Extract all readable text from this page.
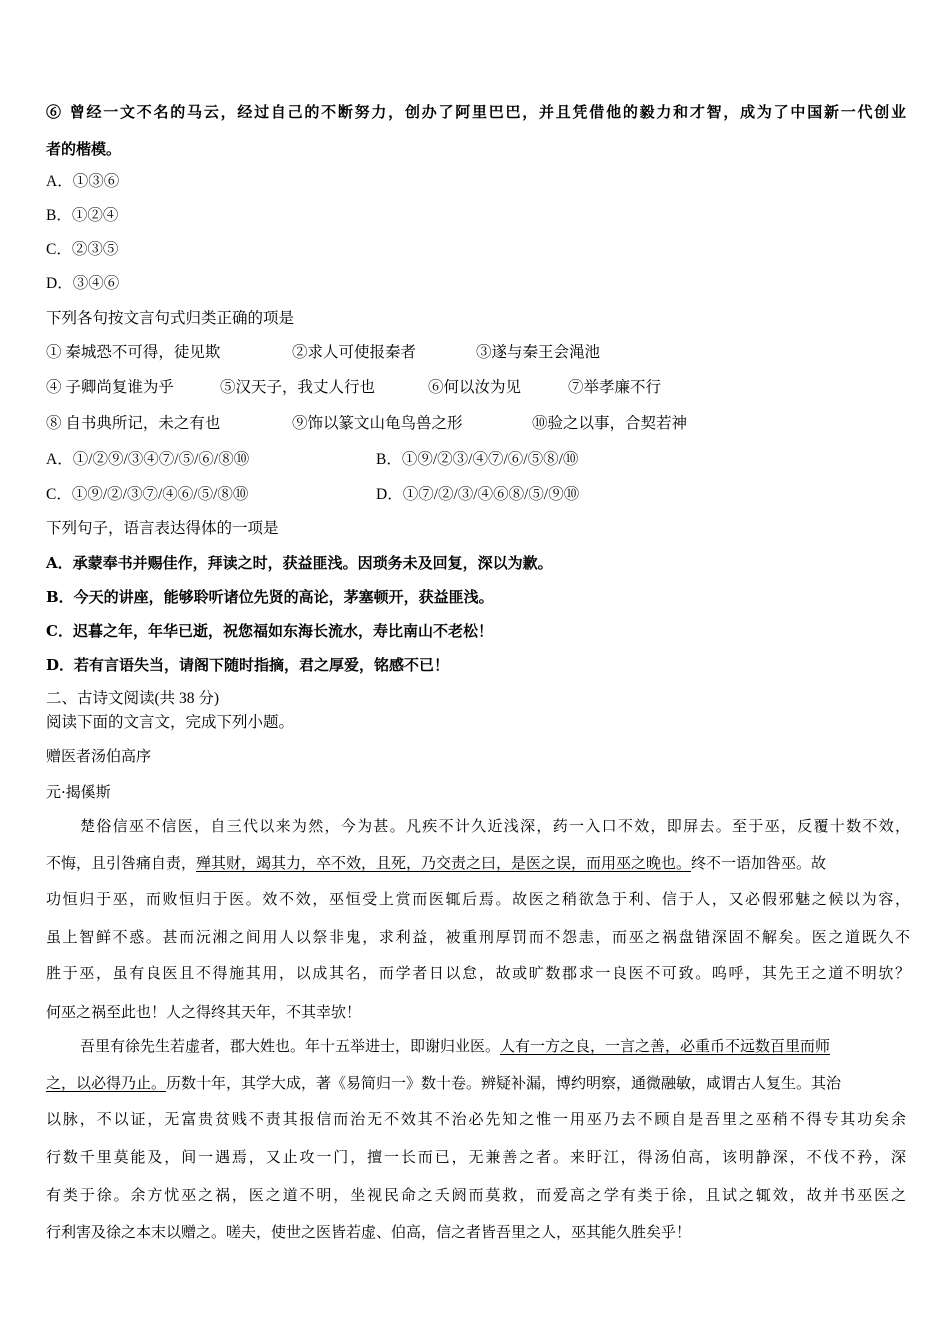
⑥ 曾经一文不名的马云，经过自己的不断努力，创办了阿里巴巴，并且凭借他的毅力和才智，成为了中国新一代创业
者的楷模。
A．①③⑥
B．①②④
C．②③⑤
D．③④⑥
下列各句按文言句式归类正确的项是
① 秦城恐不可得，徒见欺	②求人可使报秦者	③遂与秦王会渑池
④ 子卿尚复谁为乎	⑤汉天子，我丈人行也	⑥何以汝为见	⑦举孝廉不行
⑧ 自书典所记，未之有也	⑨饰以篆文山龟鸟兽之形	⑩验之以事，合契若神
A．①/②⑨/③④⑦/⑤/⑥/⑧⑩	B．①⑨/②③/④⑦/⑥/⑤⑧/⑩
C．①⑨/②/③⑦/④⑥/⑤/⑧⑩	D．①⑦/②/③/④⑥⑧/⑤/⑨⑩
下列句子，语言表达得体的一项是
A．承蒙奉书并赐佳作，拜读之时，获益匪浅。因琐务未及回复，深以为歉。
B．今天的讲座，能够聆听诸位先贤的高论，茅塞顿开，获益匪浅。
C．迟暮之年，年华已逝，祝您福如东海长流水，寿比南山不老松！
D．若有言语失当，请阁下随时指摘，君之厚爱，铭感不已！
二、古诗文阅读(共 38 分)
阅读下面的文言文，完成下列小题。
赠医者汤伯高序
元·揭傒斯
楚俗信巫不信医，自三代以来为然，今为甚。凡疾不计久近浅深，药一入口不效，即屏去。至于巫，反覆十数不效，
不悔，且引咎痛自责，殚其财，竭其力，卒不效，且死，乃交责之曰，是医之误，而用巫之晚也。终不一语加咎巫。故
功恒归于巫，而败恒归于医。效不效，巫恒受上赏而医辄后焉。故医之稍欲急于利、信于人，又必假邪魅之候以为容，
虽上智鲜不惑。甚而沅湘之间用人以祭非鬼，求利益，被重刑厚罚而不怨恚，而巫之祸盘错深固不解矣。医之道既久不
胜于巫，虽有良医且不得施其用，以成其名，而学者日以怠，故或旷数郡求一良医不可致。呜呼，其先王之道不明欤？
何巫之祸至此也！人之得终其天年，不其幸欤！
吾里有徐先生若虚者，郡大姓也。年十五举进士，即谢归业医。人有一方之良，一言之善，必重币不远数百里而师
之，以必得乃止。历数十年，其学大成，著《易简归一》数十卷。辨疑补漏，博约明察，通微融敏，咸谓古人复生。其治
以脉，不以证，无富贵贫贱不责其报信而治无不效其不治必先知之惟一用巫乃去不顾自是吾里之巫稍不得专其功矣余
行数千里莫能及，间一遇焉，又止攻一门，擅一长而已，无兼善之者。来盱江，得汤伯高，该明静深，不伐不矜，深
有类于徐。余方忧巫之祸，医之道不明，坐视民命之夭阏而莫救，而爱高之学有类于徐，且试之辄效，故并书巫医之
行利害及徐之本末以赠之。嗟夫，使世之医皆若虚、伯高，信之者皆吾里之人，巫其能久胜矣乎！
